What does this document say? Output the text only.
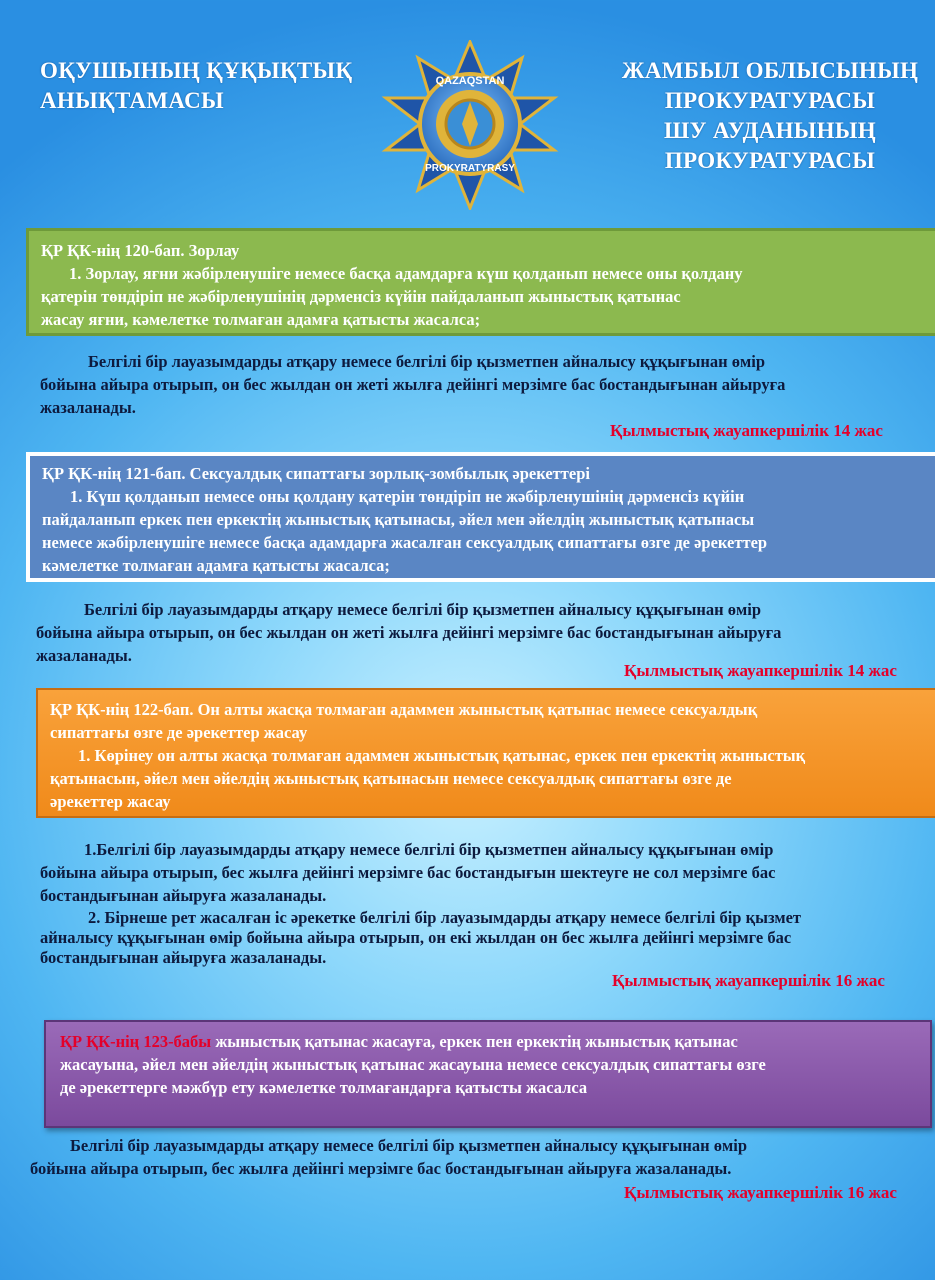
ОҚУШЫНЫҢ ҚҰҚЫҚТЫҚ
АНЫҚТАМАСЫ
QAZAQSTAN
PROKYRATYRASY
ЖАМБЫЛ ОБЛЫСЫНЫҢ
ПРОКУРАТУРАСЫ
ШУ АУДАНЫНЫҢ
ПРОКУРАТУРАСЫ
ҚР ҚК-нің 120-бап. Зорлау
1. Зорлау, яғни жәбірленушіге немесе басқа адамдарға күш қолданып немесе оны қолдану
қатерін төндіріп не жәбірленушінің дәрменсіз күйін пайдаланып жыныстық қатынас
жасау яғни, кәмелетке толмаған адамға қатысты жасалса;
Белгілі бір лауазымдарды атқару немесе белгілі бір қызметпен айналысу құқығынан өмір
бойына айыра отырып, он бес жылдан он жеті жылға дейінгі мерзімге бас бостандығынан айыруға
жазаланады.
Қылмыстық жауапкершілік 14 жас
ҚР ҚК-нің 121-бап. Сексуалдық сипаттағы зорлық-зомбылық әрекеттері
1. Күш қолданып немесе оны қолдану қатерін төндіріп не жәбірленушінің дәрменсіз күйін
пайдаланып еркек пен еркектің жыныстық қатынасы, әйел мен әйелдің жыныстық қатынасы
немесе жәбірленушіге немесе басқа адамдарға жасалған сексуалдық сипаттағы өзге де әрекеттер
кәмелетке толмаған адамға қатысты жасалса;
Белгілі бір лауазымдарды атқару немесе белгілі бір қызметпен айналысу құқығынан өмір
бойына айыра отырып, он бес жылдан он жеті жылға дейінгі мерзімге бас бостандығынан айыруға
жазаланады.
Қылмыстық жауапкершілік 14 жас
ҚР ҚК-нің 122-бап. Он алты жасқа толмаған адаммен жыныстық қатынас немесе сексуалдық
сипаттағы өзге де әрекеттер жасау
1. Көрінеу он алты жасқа толмаған адаммен жыныстық қатынас, еркек пен еркектің жыныстық
қатынасын, әйел мен әйелдің жыныстық қатынасын немесе сексуалдық сипаттағы өзге де
әрекеттер жасау
1.Белгілі бір лауазымдарды атқару немесе белгілі бір қызметпен айналысу құқығынан өмір
бойына айыра отырып, бес жылға дейінгі мерзімге бас бостандығын шектеуге не сол мерзімге бас
бостандығынан айыруға жазаланады.
2. Бірнеше рет жасалған іс әрекетке белгілі бір лауазымдарды атқару немесе белгілі бір қызмет
айналысу құқығынан өмір бойына айыра отырып, он екі жылдан он бес жылға дейінгі мерзімге бас
бостандығынан айыруға жазаланады.
Қылмыстық жауапкершілік 16 жас
ҚР ҚК-нің 123-бабы жыныстық қатынас жасауға, еркек пен еркектің жыныстық қатынас
жасауына, әйел мен әйелдің жыныстық қатынас жасауына немесе сексуалдық сипаттағы өзге
де әрекеттерге мәжбүр ету кәмелетке толмағандарға қатысты жасалса
Белгілі бір лауазымдарды атқару немесе белгілі бір қызметпен айналысу құқығынан өмір
бойына айыра отырып, бес жылға дейінгі мерзімге бас бостандығынан айыруға жазаланады.
Қылмыстық жауапкершілік 16 жас
